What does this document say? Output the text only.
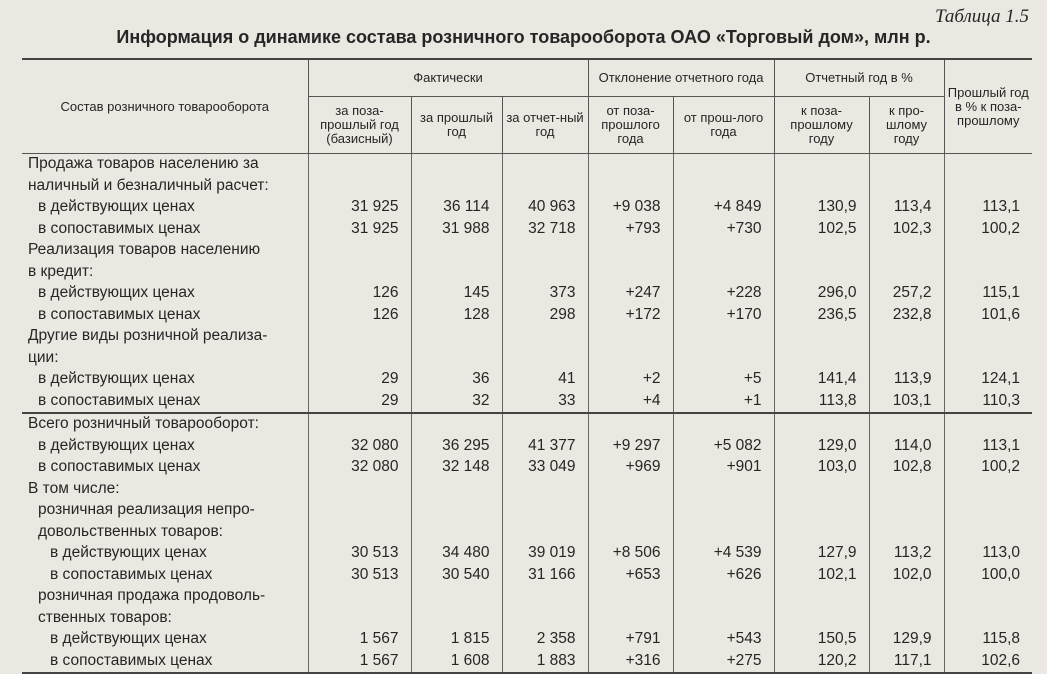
Таблица 1.5
Информация о динамике состава розничного товарооборота ОАО «Торговый дом», млн р.
Состав розничного товарооборота	Фактически			Отклонение отчетного года		Отчетный год в %		Прошлый год в % к поза-прошлому
	за поза-прошлый год (базисный)	за прошлый год	за отчет-ный год	от поза-прошлого года	от прош-лого года	к поза-прошлому году	к про-шлому году	
Продажа товаров населению за								
наличный и безналичный расчет:								
в действующих ценах	31 925	36 114	40 963	+9 038	+4 849	130,9	113,4	113,1
в сопоставимых ценах	31 925	31 988	32 718	+793	+730	102,5	102,3	100,2
Реализация товаров населению								
в кредит:								
в действующих ценах	126	145	373	+247	+228	296,0	257,2	115,1
в сопоставимых ценах	126	128	298	+172	+170	236,5	232,8	101,6
Другие виды розничной реализа-								
ции:								
в действующих ценах	29	36	41	+2	+5	141,4	113,9	124,1
в сопоставимых ценах	29	32	33	+4	+1	113,8	103,1	110,3
Всего розничный товарооборот:								
в действующих ценах	32 080	36 295	41 377	+9 297	+5 082	129,0	114,0	113,1
в сопоставимых ценах	32 080	32 148	33 049	+969	+901	103,0	102,8	100,2
В том числе:								
розничная реализация непро-								
довольственных товаров:								
в действующих ценах	30 513	34 480	39 019	+8 506	+4 539	127,9	113,2	113,0
в сопоставимых ценах	30 513	30 540	31 166	+653	+626	102,1	102,0	100,0
розничная продажа продоволь-								
ственных товаров:								
в действующих ценах	1 567	1 815	2 358	+791	+543	150,5	129,9	115,8
в сопоставимых ценах	1 567	1 608	1 883	+316	+275	120,2	117,1	102,6
